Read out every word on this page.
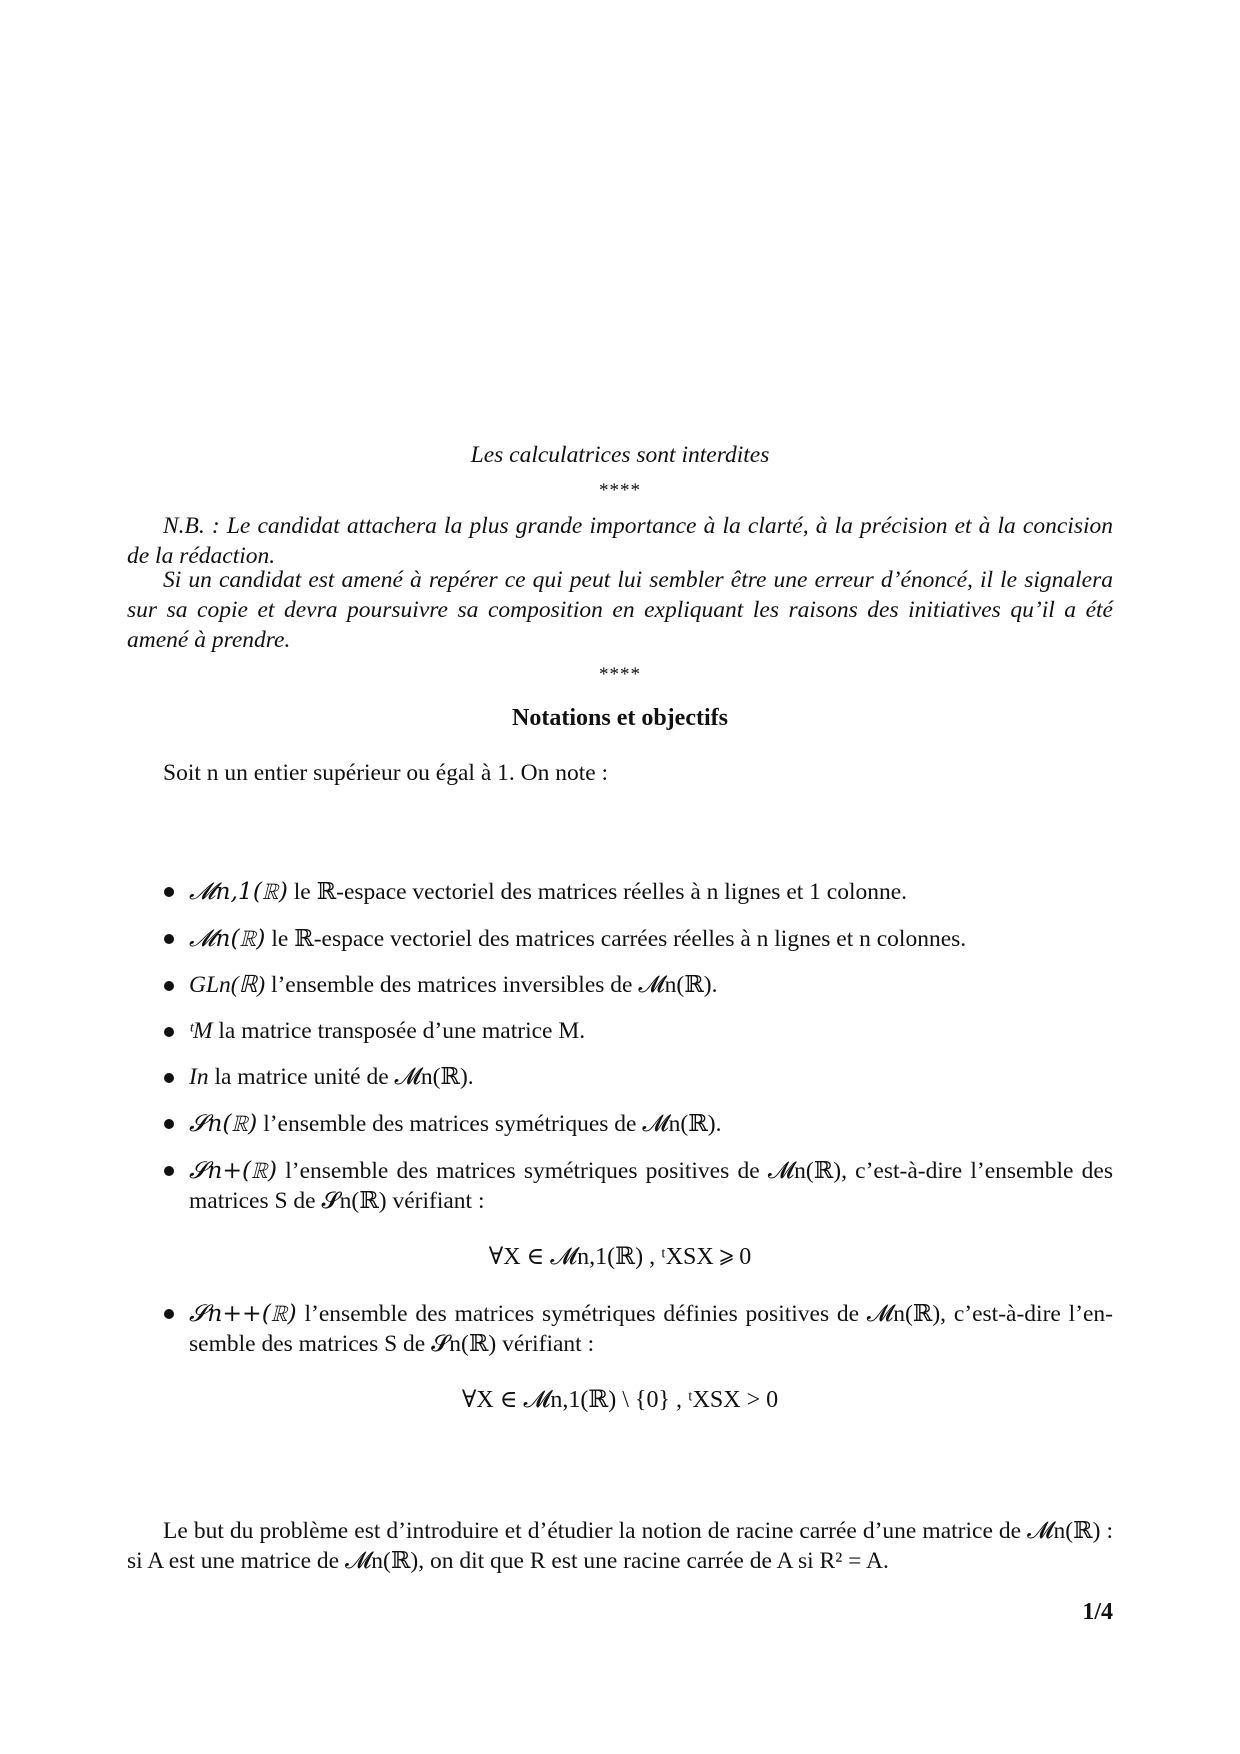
Les calculatrices sont interdites
****
N.B. : Le candidat attachera la plus grande importance à la clarté, à la précision et à la concision de la rédaction.
Si un candidat est amené à repérer ce qui peut lui sembler être une erreur d’énoncé, il le signalera sur sa copie et devra poursuivre sa composition en expliquant les raisons des initiatives qu’il a été amené à prendre.
****
Notations et objectifs
Soit n un entier supérieur ou égal à 1. On note :
𝓜n,1(ℝ) le ℝ-espace vectoriel des matrices réelles à n lignes et 1 colonne.
𝓜n(ℝ) le ℝ-espace vectoriel des matrices carrées réelles à n lignes et n colonnes.
GLn(ℝ) l’ensemble des matrices inversibles de 𝓜n(ℝ).
ᵗM la matrice transposée d’une matrice M.
In la matrice unité de 𝓜n(ℝ).
𝓢n(ℝ) l’ensemble des matrices symétriques de 𝓜n(ℝ).
𝓢n+(ℝ) l’ensemble des matrices symétriques positives de 𝓜n(ℝ), c’est-à-dire l’ensemble des matrices S de 𝓢n(ℝ) vérifiant :
∀X ∈ 𝓜n,1(ℝ) , ᵗXSX ⩾ 0
𝓢n++(ℝ) l’ensemble des matrices symétriques définies positives de 𝓜n(ℝ), c’est-à-dire l’en-semble des matrices S de 𝓢n(ℝ) vérifiant :
∀X ∈ 𝓜n,1(ℝ) \ {0} , ᵗXSX > 0
Le but du problème est d’introduire et d’étudier la notion de racine carrée d’une matrice de 𝓜n(ℝ) : si A est une matrice de 𝓜n(ℝ), on dit que R est une racine carrée de A si R² = A.
1/4
